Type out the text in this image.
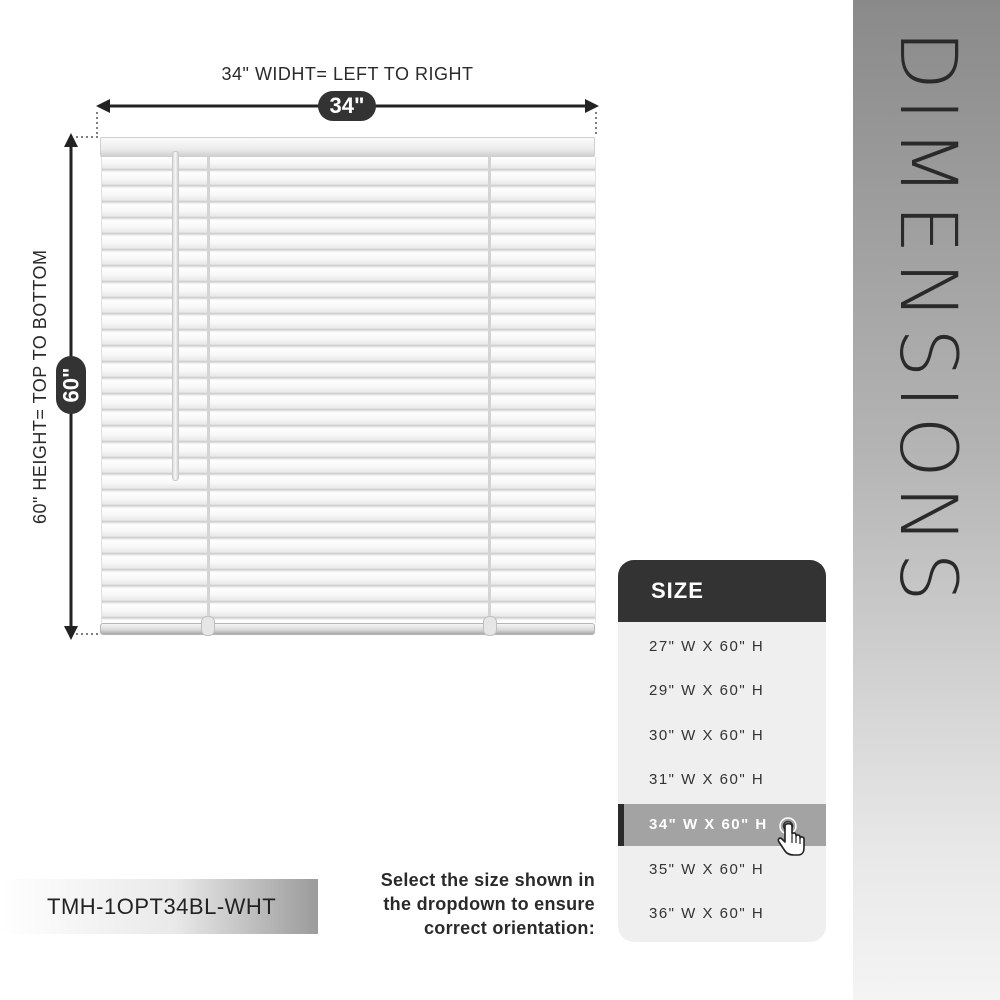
DIMENSIONS
34" WIDHT= LEFT TO RIGHT
60" HEIGHT= TOP TO BOTTOM
34"
60"
SIZE
27" W X 60" H
29" W X 60" H
30" W X 60" H
31" W X 60" H
34" W X 60" H
35" W X 60" H
36" W X 60" H
TMH-1OPT34BL-WHT
Select the size shown in
the dropdown to ensure
correct orientation:
